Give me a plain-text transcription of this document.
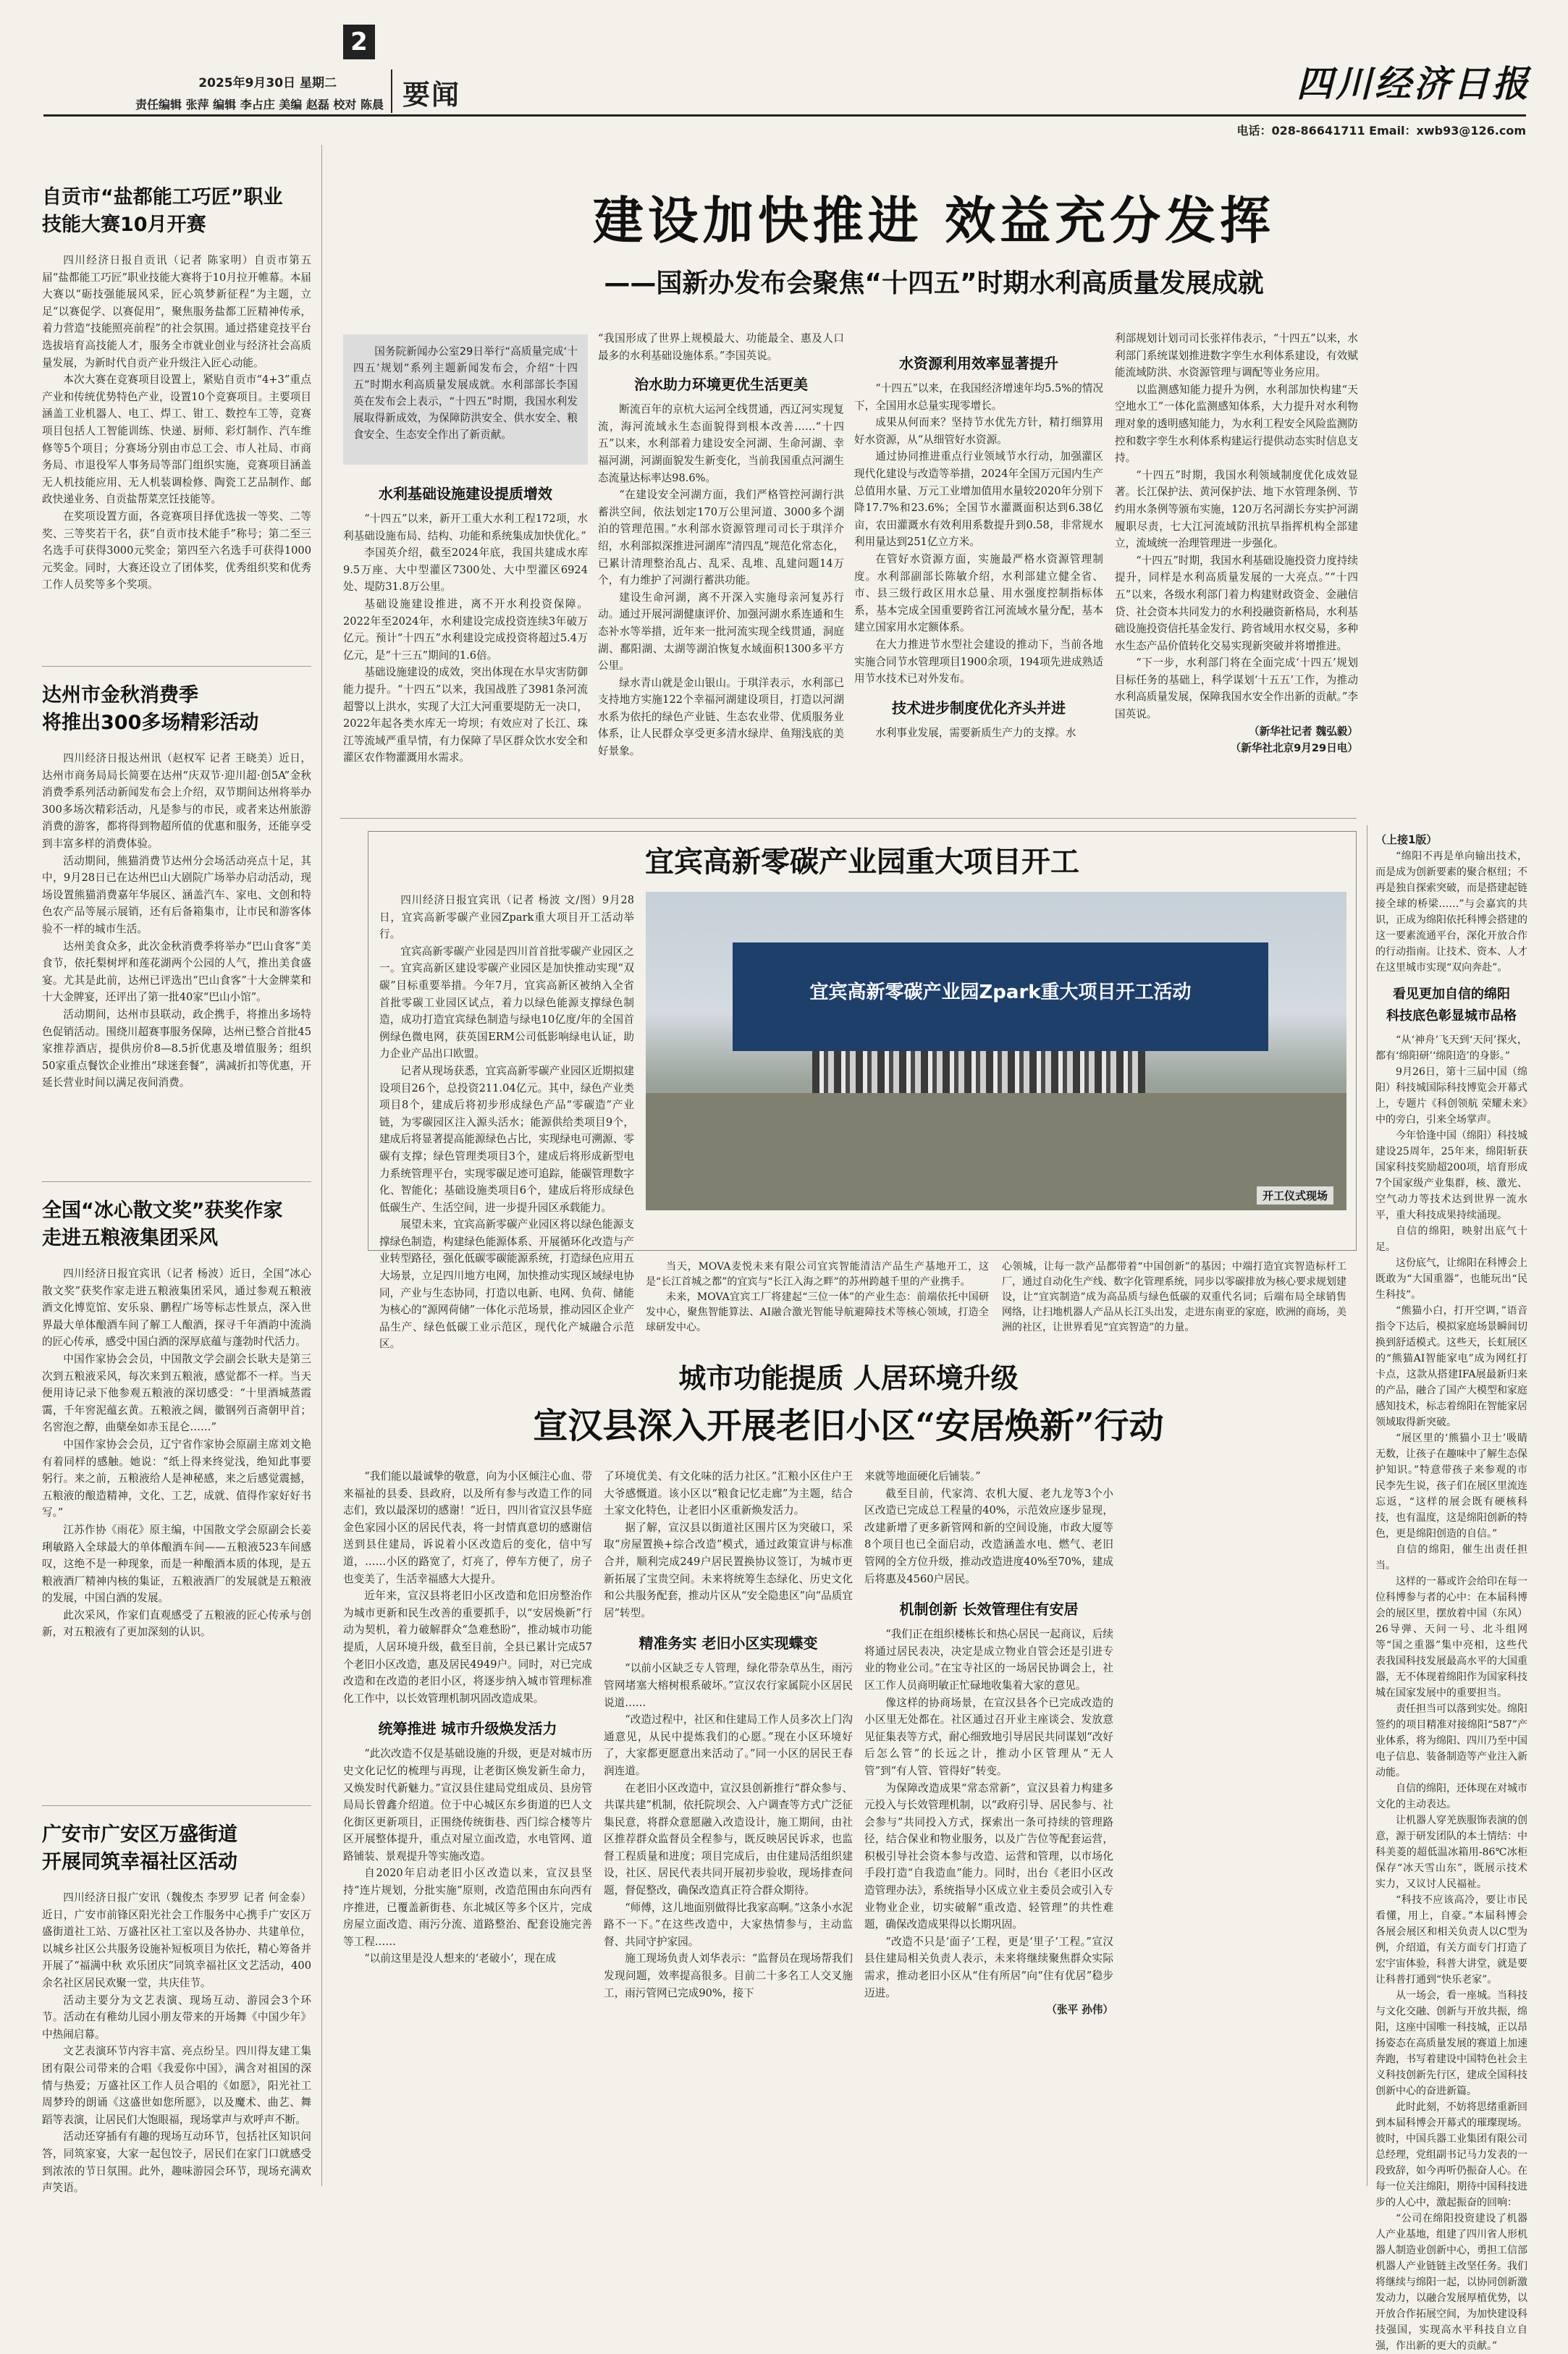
2
2025年9月30日 星期二
责任编辑 张萍 编辑 李占庄 美编 赵磊 校对 陈晨 要闻	四川经济日报
电话：028-86641711 Email：xwb93@126.com
自贡市“盐都能工巧匠”职业
技能大赛10月开赛

四川经济日报自贡讯（记者 陈家明）自贡市第五届“盐都能工巧匠”职业技能大赛将于10月拉开帷幕。本届大赛以“砺技强能展风采，匠心筑梦新征程”为主题，立足“以赛促学、以赛促用”，聚焦服务盐都工匠精神传承，着力营造“技能照亮前程”的社会氛围。通过搭建竞技平台选拔培育高技能人才，服务全市就业创业与经济社会高质量发展，为新时代自贡产业升级注入匠心动能。

本次大赛在竞赛项目设置上，紧贴自贡市“4+3”重点产业和传统优势特色产业，设置10个竞赛项目。主要项目涵盖工业机器人、电工、焊工、钳工、数控车工等，竞赛项目包括人工智能训练、快递、厨师、彩灯制作、汽车维修等5个项目；分赛场分别由市总工会、市人社局、市商务局、市退役军人事务局等部门组织实施，竞赛项目涵盖无人机技能应用、无人机装调检修、陶瓷工艺品制作、邮政快递业务、自贡盐帮菜烹饪技能等。

在奖项设置方面，各竞赛项目择优选拔一等奖、二等奖、三等奖若干名，获“自贡市技术能手”称号；第二至三名选手可获得3000元奖金；第四至六名选手可获得1000元奖金。同时，大赛还设立了团体奖，优秀组织奖和优秀工作人员奖等多个奖项。

达州市金秋消费季
将推出300多场精彩活动

四川经济日报达州讯（赵权军 记者 王晓美）近日，达州市商务局局长简要在达州“庆双节·迎川超·创5A”金秋消费季系列活动新闻发布会上介绍，双节期间达州将举办300多场次精彩活动，凡是参与的市民，或者来达州旅游消费的游客，都将得到物超所值的优惠和服务，还能享受到丰富多样的消费体验。

活动期间，熊猫消费节达州分会场活动亮点十足，其中，9月28日已在达州巴山大剧院广场举办启动活动，现场设置熊猫消费嘉年华展区、涵盖汽车、家电、文创和特色农产品等展示展销，还有后备箱集市，让市民和游客体验不一样的城市生活。

达州美食众多，此次金秋消费季将举办“巴山食客”美食节，依托梨树坪和莲花湖两个公园的人气，推出美食盛宴。尤其是此前，达州已评选出“巴山食客”十大金牌菜和十大金牌宴，还评出了第一批40家“巴山小馆”。

活动期间，达州市县联动，政企携手，将推出多场特色促销活动。围绕川超赛事服务保障，达州已整合首批45家推荐酒店，提供房价8—8.5折优惠及增值服务；组织50家重点餐饮企业推出“球迷套餐”，满减折扣等优惠，开延长营业时间以满足夜间消费。

全国“冰心散文奖”获奖作家
走进五粮液集团采风

四川经济日报宜宾讯（记者 杨波）近日，全国“冰心散文奖”获奖作家走进五粮液集团采风，通过参观五粮液酒文化博览馆、安乐泉、鹏程广场等标志性景点，深入世界最大单体酿酒车间了解工人酿酒，探寻千年酒韵中流淌的匠心传承，感受中国白酒的深厚底蕴与蓬勃时代活力。

中国作家协会会员，中国散文学会副会长耿夫是第三次到五粮液采风，每次来到五粮液，感觉都不一样。当天便用诗记录下他参观五粮液的深切感受：“十里酒城蒸霞霭，千年窖泥蕴玄黄。五粮液之阔，徽钢列百斋朝甲首；名窖泡之醇，曲蘖垒如赤玉昆仑……”

中国作家协会会员，辽宁省作家协会原副主席刘文艳有着同样的感触。她说：“纸上得来终觉浅，绝知此事要躬行。来之前，五粮液给人是神秘感，来之后感觉震撼，五粮液的酿造精神，文化、工艺，成就、值得作家好好书写。”

江苏作协《雨花》原主编，中国散文学会原副会长姜琍敏路入全球最大的单体酿酒车间——五粮液523车间感叹，这绝不是一种现象，而是一种酿酒本质的体现，是五粮液酒厂精神内核的集证，五粮液酒厂的发展就是五粮液的发展，中国白酒的发展。

此次采风，作家们直观感受了五粮液的匠心传承与创新，对五粮液有了更加深刻的认识。

广安市广安区万盛街道
开展同筑幸福社区活动

四川经济日报广安讯（魏俊杰 李罗罗 记者 何金泰）近日，广安市前锋区阳光社会工作服务中心携手广安区万盛街道社工站、万盛社区社工室以及各协办、共建单位，以城乡社区公共服务设施补短板项目为依托，精心筹备并开展了“福满中秋 欢乐团庆”同筑幸福社区文艺活动，400余名社区居民欢聚一堂，共庆佳节。

活动主要分为文艺表演、现场互动、游园会3个环节。活动在有稚幼儿园小朋友带来的开场舞《中国少年》中热闹启幕。

文艺表演环节内容丰富、亮点纷呈。四川得友建工集团有限公司带来的合唱《我爱你中国》，满含对祖国的深情与热爱；万盛社区工作人员合唱的《如愿》，阳光社工周梦玲的朗诵《这盛世如您所愿》，以及魔术、曲艺、舞蹈等表演，让居民们大饱眼福，现场掌声与欢呼声不断。

活动还穿插有有趣的现场互动环节，包括社区知识问答，同筑家宴，大家一起包饺子，居民们在家门口就感受到浓浓的节日氛围。此外，趣味游园会环节，现场充满欢声笑语。

建设加快推进 效益充分发挥
——国新办发布会聚焦“十四五”时期水利高质量发展成就
国务院新闻办公室29日举行“高质量完成‘十四五’规划”系列主题新闻发布会，介绍“十四五”时期水利高质量发展成就。水利部部长李国英在发布会上表示，“十四五”时期，我国水利发展取得新成效，为保障防洪安全、供水安全、粮食安全、生态安全作出了新贡献。
水利基础设施建设提质增效

“十四五”以来，新开工重大水利工程172项，水利基础设施布局、结构、功能和系统集成加快优化。”

李国英介绍，截至2024年底，我国共建成水库9.5万座、大中型灌区7300处、大中型灌区6924处、堤防31.8万公里。

基础设施建设推进，离不开水利投资保障。2022年至2024年，水利建设完成投资连续3年破万亿元。预计“十四五”水利建设完成投资将超过5.4万亿元，是“十三五”期间的1.6倍。

基础设施建设的成效，突出体现在水旱灾害防御能力提升。“十四五”以来，我国战胜了3981条河流超警以上洪水，实现了大江大河重要堤防无一决口，2022年起各类水库无一垮坝；有效应对了长江、珠江等流域严重旱情，有力保障了旱区群众饮水安全和灌区农作物灌溉用水需求。

“我国形成了世界上规模最大、功能最全、惠及人口最多的水利基础设施体系。”李国英说。

治水助力环境更优生活更美

断流百年的京杭大运河全线贯通，西辽河实现复流，海河流域永生态面貌得到根本改善……“十四五”以来，水利部着力建设安全河湖、生命河湖、幸福河湖，河湖面貌发生新变化，当前我国重点河湖生态流量达标率达98.6%。

“在建设安全河湖方面，我们严格管控河湖行洪蓄洪空间，依法划定170万公里河道、3000多个湖泊的管理范围。”水利部水资源管理司司长于琪洋介绍，水利部拟深推进河湖库“清四乱”规范化常态化，已累计清理整治乱占、乱采、乱堆、乱建问题14万个，有力维护了河湖行蓄洪功能。

建设生命河湖，离不开深入实施母亲河复苏行动。通过开展河湖健康评价、加强河湖水系连通和生态补水等举措，近年来一批河流实现全线贯通，洞庭湖、鄱阳湖、太湖等湖泊恢复水域面积1300多平方公里。

绿水青山就是金山银山。于琪洋表示，水利部已支持地方实施122个幸福河湖建设项目，打造以河湖水系为依托的绿色产业链、生态农业带、优质服务业体系，让人民群众享受更多清水绿岸、鱼翔浅底的美好景象。

水资源利用效率显著提升

“十四五”以来，在我国经济增速年均5.5%的情况下，全国用水总量实现零增长。

成果从何而来？坚持节水优先方针，精打细算用好水资源，从“从细管好水资源。

通过协同推进重点行业领域节水行动，加强灌区现代化建设与改造等举措，2024年全国万元国内生产总值用水量、万元工业增加值用水量较2020年分别下降17.7%和23.6%；全国节水灌溉面积达到6.38亿亩，农田灌溉水有效利用系数提升到0.58，非常规水利用量达到251亿立方米。

在管好水资源方面，实施最严格水资源管理制度。水利部副部长陈敏介绍，水利部建立健全省、市、县三级行政区用水总量、用水强度控制指标体系，基本完成全国重要跨省江河流域水量分配，基本建立国家用水定额体系。

在大力推进节水型社会建设的推动下，当前各地实施合同节水管理项目1900余项，194项先进成熟适用节水技术已对外发布。

技术进步制度优化齐头并进

水利事业发展，需要新质生产力的支撑。水

利部规划计划司司长张祥伟表示，“十四五”以来，水利部门系统谋划推进数字孪生水利体系建设，有效赋能流域防洪、水资源管理与调配等业务应用。

以监测感知能力提升为例，水利部加快构建“天空地水工”一体化监测感知体系，大力提升对水利物理对象的透明感知能力，为水利工程安全风险监测防控和数字孪生水利体系构建运行提供动态实时信息支持。

“十四五”时期，我国水利领域制度优化成效显著。长江保护法、黄河保护法、地下水管理条例、节约用水条例等颁布实施，120万名河湖长夯实护河湖履职尽责，七大江河流域防汛抗旱指挥机构全部建立，流域统一治理管理进一步强化。

“十四五”时期，我国水利基础设施投资力度持续提升，同样是水利高质量发展的一大亮点。”“十四五”以来，各级水利部门着力构建财政资金、金融信贷、社会资本共同发力的水利投融资新格局，水利基础设施投资信托基金发行、跨省域用水权交易，多种水生态产品价值转化交易实现新突破并将增推进。

“下一步，水利部门将在全面完成‘十四五’规划目标任务的基础上，科学谋划‘十五五’工作，为推动水利高质量发展，保障我国水安全作出新的贡献。”李国英说。

（新华社记者 魏弘毅）
（新华社北京9月29日电）
宜宾高新零碳产业园重大项目开工

四川经济日报宜宾讯（记者 杨波 文/图）9月28日，宜宾高新零碳产业园Zpark重大项目开工活动举行。

宜宾高新零碳产业园是四川首首批零碳产业园区之一。宜宾高新区建设零碳产业园区是加快推动实现“双碳”目标重要举措。今年7月，宜宾高新区被纳入全省首批零碳工业园区试点，着力以绿色能源支撑绿色制造，成功打造宜宾绿色制造与绿电10亿度/年的全国首例绿色微电网，获英国ERM公司低影响绿电认证，助力企业产品出口欧盟。

记者从现场获悉，宜宾高新零碳产业园区近期拟建设项目26个，总投资211.04亿元。其中，绿色产业类项目8个，建成后将初步形成绿色产品“零碳造”产业链，为零碳园区注入源头活水；能源供给类项目9个，建成后将显著提高能源绿色占比，实现绿电可溯源、零碳有支撑；绿色管理类项目3个，建成后将形成新型电力系统管理平台，实现零碳足迹可追踪，能碳管理数字化、智能化；基础设施类项目6个，建成后将形成绿色低碳生产、生活空间，进一步提升园区承载能力。

展望未来，宜宾高新零碳产业园区将以绿色能源支撑绿色制造，构建绿色能源体系、开展循环化改造与产业转型路径，强化低碳零碳能源系统，打造绿色应用五大场景，立足四川地方电网，加快推动实现区域绿电协同，产业与生态协同，打造以电新、电网、负荷、储能为核心的“源网荷储”一体化示范场景，推动园区企业产品生产、绿色低碳工业示范区，现代化产城融合示范区。

宜宾高新零碳产业园Zpark重大项目开工活动
开工仪式现场
城市功能提质 人居环境升级
宣汉县深入开展老旧小区“安居焕新”行动

“我们能以最诚挚的敬意，向为小区倾注心血、带来福祉的县委、县政府，以及所有参与改造工作的同志们，致以最深切的感谢！”近日，四川省宣汉县华庭金色家园小区的居民代表，将一封情真意切的感谢信送到县住建局，诉说着小区改造后的变化，信中写道，……小区的路宽了，灯亮了，停车方便了，房子也变美了，生活幸福感大大提升。

近年来，宣汉县将老旧小区改造和危旧房整治作为城市更新和民生改善的重要抓手，以“安居焕新”行动为契机，着力破解群众“急难愁盼”，推动城市功能提质，人居环境升级，截至目前，全县已累计完成57个老旧小区改造，惠及居民4949户。同时，对已完成改造和在改造的老旧小区，将逐步纳入城市管理标准化工作中，以长效管理机制巩固改造成果。

统筹推进 城市升级焕发活力

“此次改造不仅是基础设施的升级，更是对城市历史文化记忆的梳理与再现，让老街区焕发新生命力，又焕发时代新魅力。”宣汉县住建局党组成员、县房管局局长曾鑫介绍道。位于中心城区东乡街道的巴人文化街区更新项目，正围绕传统街巷、西门综合楼等片区开展整体提升，重点对屋立面改造，水电管网、道路铺装、景观提升等实施改造。

自2020年启动老旧小区改造以来，宣汉县坚持“连片规划，分批实施”原则，改造范围由东向西有序推进，已覆盖新街巷、东北城区等多个区片，完成房屋立面改造、雨污分流、道路整治、配套设施完善等工程……

“以前这里是没人想来的‘老破小’，现在成

了环境优美、有文化味的活力社区。”汇粮小区住户王大爷感慨道。该小区以“粮食记忆走廊”为主题，结合土家文化特色，让老旧小区重新焕发活力。

据了解，宣汉县以街道社区围片区为突破口，采取“房屋置换+综合改造”模式，通过政策宣讲与标准合并，顺利完成249户居民置换协议签订，为城市更新拓展了宝贵空间。未来将统筹生态绿化、历史文化和公共服务配套，推动片区从“安全隐患区”向“品质宜居”转型。

精准务实 老旧小区实现蝶变

“以前小区缺乏专人管理，绿化带杂草丛生，雨污管网堵塞大榕树根系破坏。”宣汉农行家属院小区居民说道……

“改造过程中，社区和住建局工作人员多次上门沟通意见，从民中提炼我们的心愿。”现在小区环境好了，大家都更愿意出来活动了。”同一小区的居民王春润连道。

在老旧小区改造中，宣汉县创新推行“群众参与、共谋共建”机制，依托院坝会、入户调查等方式广泛征集民意，将群众意愿融入改造设计，施工期间，由社区推荐群众监督员全程参与，既反映居民诉求，也监督工程质量和进度；项目完成后，由住建局活组织建设，社区、居民代表共同开展初步验收，现场排查问题，督促整改，确保改造真正符合群众期待。

“师傅，这儿地面别做得比我家高啊。”这条小水泥路不一下。”在这些改造中，大家热情参与，主动监督、共同守护家园。

施工现场负责人刘华表示：“监督员在现场帮我们发现问题，效率提高很多。目前二十多名工人交叉施工，雨污管网已完成90%，接下

来就等地面硬化后铺装。”

截至目前，代家湾、农机大厦、老九龙等3个小区改造已完成总工程量的40%，示范效应逐步显现，改建新增了更多新管网和新的空间设施，市政大厦等8个项目也已全面启动，改造涵盖水电、燃气、老旧管网的全方位升级，推动改造进度40%至70%，建成后将惠及4560户居民。

机制创新 长效管理住有安居

“我们正在组织楼栋长和热心居民一起商议，后续将通过居民表决，决定是成立物业自管会还是引进专业的物业公司。”在宝寺社区的一场居民协调会上，社区工作人员商明敏正忙碌地收集着大家的意见。

像这样的协商场景，在宣汉县各个已完成改造的小区里无处都在。社区通过召开业主座谈会、发放意见征集表等方式，耐心细致地引导居民共同谋划“改好后怎么管”的长远之计，推动小区管理从“无人管”到“有人管、管得好”转变。

为保障改造成果“常态常新”，宣汉县着力构建多元投入与长效管理机制，以“政府引导、居民参与、社会参与”共同投入方式，探索出一条可持续的管理路径，结合保业和物业服务，以及广告位等配套运营，积极引导社会资本参与改造、运营和管理，以市场化手段打造“自我造血”能力。同时，出台《老旧小区改造管理办法》，系统指导小区成立业主委员会或引入专业物业企业，切实破解“重改造、轻管理”的共性难题，确保改造成果得以长期巩固。

“改造不只是‘面子’工程，更是‘里子’工程。”宣汉县住建局相关负责人表示，未来将继续聚焦群众实际需求，推动老旧小区从“住有所居”向“住有优居”稳步迈进。

（张平 孙伟）

当天，MOVA麦悦未来有限公司宜宾智能清洁产品生产基地开工，这是“长江首城之都”的宜宾与“长江入海之畔”的苏州跨越千里的产业携手。

未来，MOVA宜宾工厂将建起“三位一体”的产业生态：前端依托中国研发中心，聚焦智能算法、AI融合激光智能导航避障技术等核心领域，打造全球研发中心。

心领城，让每一款产品都带着“中国创新”的基因；中端打造宜宾智造标杆工厂，通过自动化生产线、数字化管理系统，同步以零碳排放为核心要求规划建设，让“宜宾制造”成为高品质与绿色低碳的双重代名词；后端布局全球销售网络，让扫地机器人产品从长江头出发，走进东南亚的家庭，欧洲的商场，美洲的社区，让世界看见“宜宾智造”的力量。

（上接1版）

“绵阳不再是单向输出技术，而是成为创新要素的聚合枢纽；不再是独自探索突破，而是搭建起链接全球的桥梁……”与会嘉宾的共识，正成为绵阳依托科博会搭建的这一要素流通平台，深化开放合作的行动指南。让技术、资本、人才在这里城市实现“双向奔赴”。

看见更加自信的绵阳
科技底色彰显城市品格

“从‘神舟’飞天到‘天问’探火，都有‘绵阳研’‘绵阳造’的身影。”

9月26日，第十三届中国（绵阳）科技城国际科技博览会开幕式上，专题片《科创领航 荣耀未来》中的旁白，引来全场掌声。

今年恰逢中国（绵阳）科技城建设25周年，25年来，绵阳斩获国家科技奖励超200项，培育形成7个国家级产业集群，核、激光、空气动力等技术达到世界一流水平，重大科技成果持续涌现。

自信的绵阳，映射出底气十足。

这份底气，让绵阳在科博会上既敢为“大国重器”，也能玩出“民生科技”。

“熊猫小白，打开空调，”语音指令下达后，模拟家庭场景瞬间切换到舒适模式。这些天，长虹展区的“熊猫AI智能家电”成为网红打卡点，这款从搭建IFA展最新归来的产品，融合了国产大模型和家庭感知技术，标志着绵阳在智能家居领域取得新突破。

“展区里的‘熊猫小卫士’吸睛无数，让孩子在趣味中了解生态保护知识。”特意带孩子来参观的市民李先生说，孩子们在展区里流连忘返，“这样的展会既有硬核科技，也有温度，这是绵阳创新的特色，更是绵阳创造的自信。”

自信的绵阳，催生出责任担当。

这样的一幕或许会给印在每一位科博参与者的心中：在本届科博会的展区里，摆放着中国（东风）26导弹、天问一号、北斗组网等“国之重器”集中亮相，这些代表我国科技发展最高水平的大国重器，无不体现着绵阳作为国家科技城在国家发展中的重要担当。

责任担当可以落到实处。绵阳签约的项目精准对接绵阳“587”产业体系，将为绵阳、四川乃至中国电子信息、装备制造等产业注入新动能。

自信的绵阳，还体现在对城市文化的主动表达。

让机器人穿羌族服饰表演的创意，源于研发团队的本土情结：中科美菱的超低温冰箱用-86℃冰柜保存“冰天雪山东”，既展示技术实力，又议讨人民福祉。

“科技不应该高冷，要让市民看懂，用上，自豪。”本届科博会各展会展区和相关负责人以C型为例，介绍道，有关方面专门打造了宏宇宙体验，科普大讲堂，就是要让科普打通到“快乐老家”。

从一场会，看一座城。当科技与文化交融、创新与开放共振，绵阳，这座中国唯一科技城，正以昂扬姿态在高质量发展的赛道上加速奔跑，书写着建设中国特色社会主义科技创新先行区，建成全国科技创新中心的奋进新篇。

此时此刻，不妨将思绪重新回到本届科博会开幕式的璀璨现场。彼时，中国兵器工业集团有限公司总经理，党组副书记马力发表的一段致辞，如今再听仍振奋人心。在每一位关注绵阳，期待中国科技进步的人心中，激起振奋的回响：

“公司在绵阳投资建设了机器人产业基地，组建了四川省人形机器人制造业创新中心，勇担工信部机器人产业链链主改坚任务。我们将继续与绵阳一起，以协同创新激发动力，以融合发展厚植优势，以开放合作拓展空间，为加快建设科技强国，实现高水平科技自立自强，作出新的更大的贡献。”
